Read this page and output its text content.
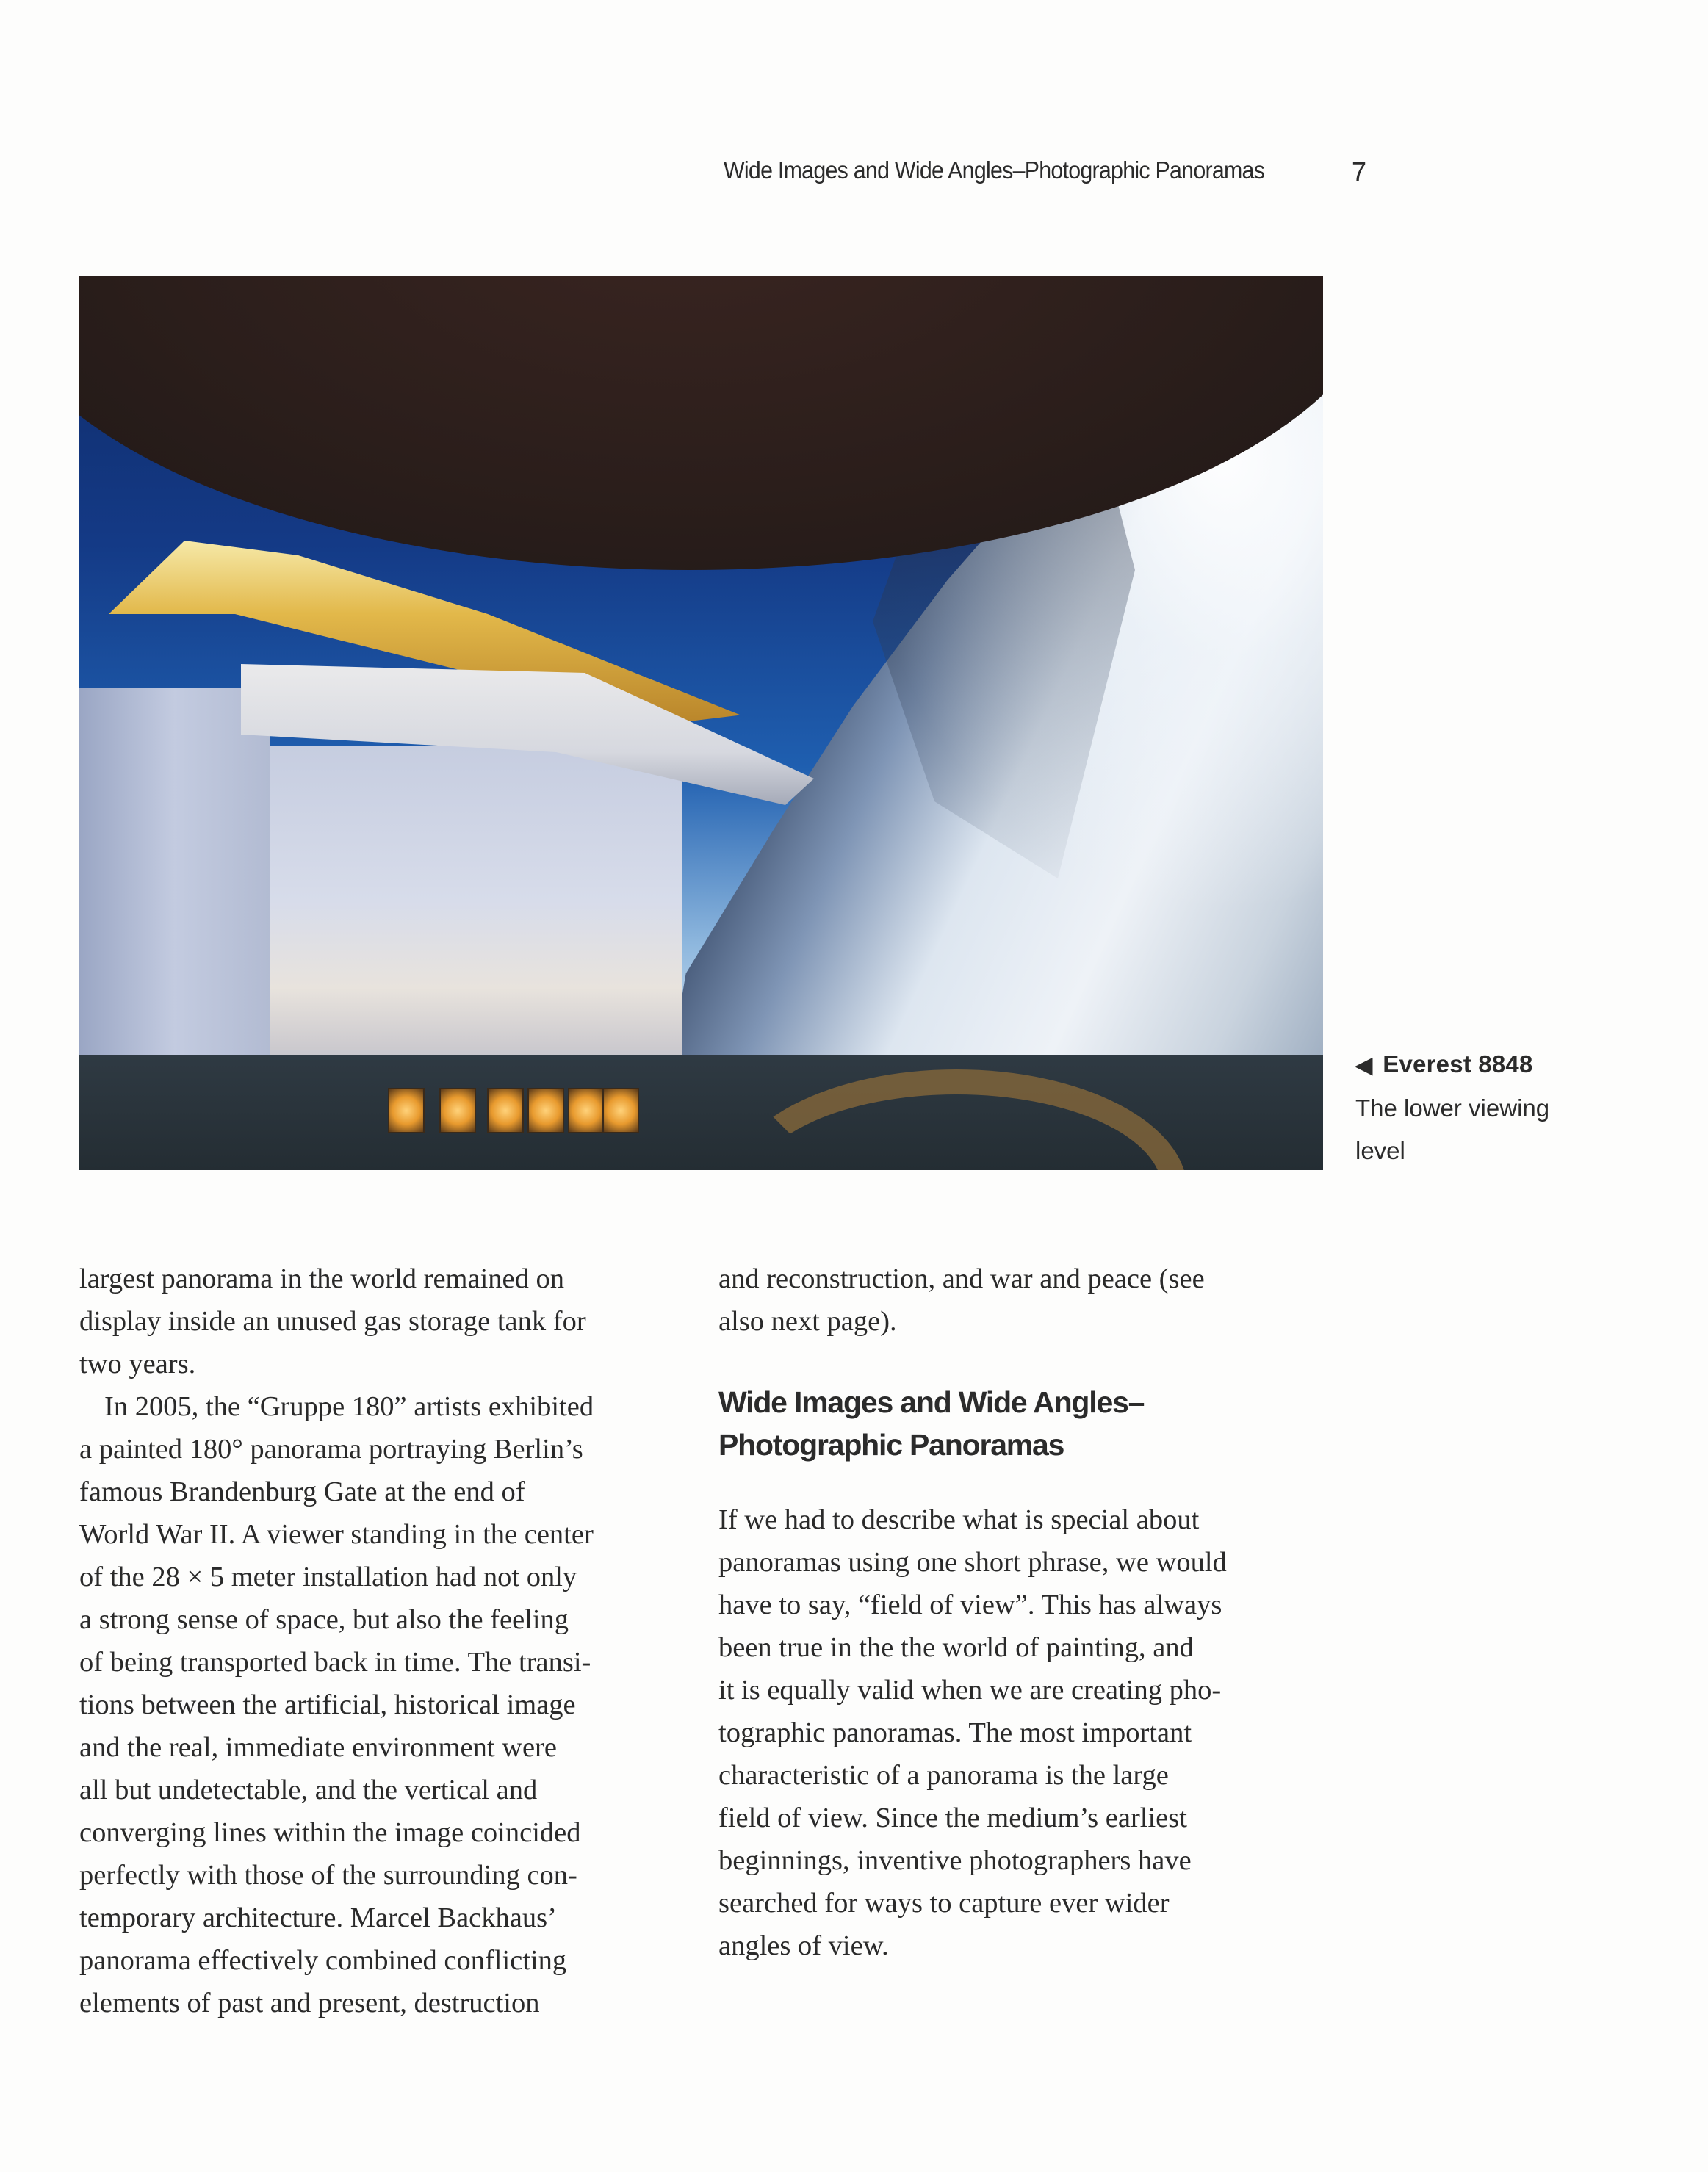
Wide Images and Wide Angles–Photographic Panoramas	7
◀ Everest 8848
The lower viewing
level

largest panorama in the world remained on
display inside an unused gas storage tank for
two years.

In 2005, the “Gruppe 180” artists exhibited
a painted 180° panorama portraying Berlin’s
famous Brandenburg Gate at the end of
World War II. A viewer standing in the center
of the 28 × 5 meter installation had not only
a strong sense of space, but also the feeling
of being transported back in time. The transi-
tions between the artificial, historical image
and the real, immediate environment were
all but undetectable, and the vertical and
converging lines within the image coincided
perfectly with those of the surrounding con-
temporary architecture. Marcel Backhaus’
panorama effectively combined conflicting
elements of past and present, destruction

and reconstruction, and war and peace (see
also next page).

Wide Images and Wide Angles–
Photographic Panoramas

If we had to describe what is special about
panoramas using one short phrase, we would
have to say, “field of view”. This has always
been true in the the world of painting, and
it is equally valid when we are creating pho-
tographic panoramas. The most important
characteristic of a panorama is the large
field of view. Since the medium’s earliest
beginnings, inventive photographers have
searched for ways to capture ever wider
angles of view.
